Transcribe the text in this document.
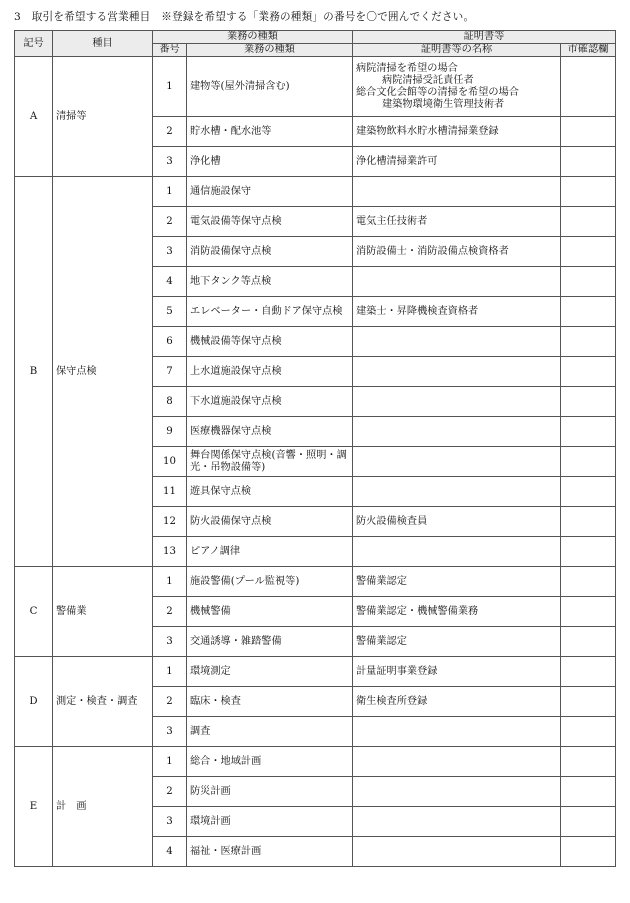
3　取引を希望する営業種目　※登録を希望する「業務の種類」の番号を〇で囲んでください。
記号	種目	業務の種類		証明書等	
		番号	業務の種類	証明書等の名称	市確認欄
A	清掃等	1	建物等(屋外清掃含む)	病院清掃を希望の場合
病院清掃受託責任者
総合文化会館等の清掃を希望の場合
建築物環境衛生管理技術者	

		2	貯水槽・配水池等	建築物飲料水貯水槽清掃業登録	

		3	浄化槽	浄化槽清掃業許可	

B	保守点検	1	通信施設保守		
		2	電気設備等保守点検	電気主任技術者	

		3	消防設備保守点検	消防設備士・消防設備点検資格者	

		4	地下タンク等点検		
		5	エレベーター・自動ドア保守点検	建築士・昇降機検査資格者	

		6	機械設備等保守点検		
		7	上水道施設保守点検		
		8	下水道施設保守点検		
		9	医療機器保守点検		
		10	舞台関係保守点検(音響・照明・調光・吊物設備等)		
		11	遊具保守点検		
		12	防火設備保守点検	防火設備検査員	

		13	ピアノ調律		
C	警備業	1	施設警備(プール監視等)	警備業認定	

		2	機械警備	警備業認定・機械警備業務	

		3	交通誘導・雑踏警備	警備業認定	

D	測定・検査・調査	1	環境測定	計量証明事業登録	

		2	臨床・検査	衛生検査所登録	

		3	調査		
E	計　画	1	総合・地域計画		
		2	防災計画		
		3	環境計画		
		4	福祉・医療計画		
